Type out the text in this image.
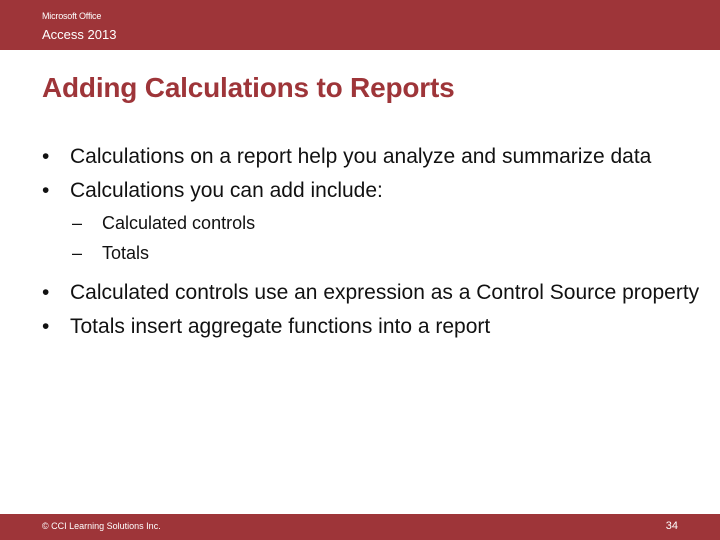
Microsoft Office
Access 2013
Adding Calculations to Reports
• Calculations on a report help you analyze and summarize data
• Calculations you can add include:
– Calculated controls
– Totals
• Calculated controls use an expression as a Control Source property
• Totals insert aggregate functions into a report
© CCI Learning Solutions Inc.	34
